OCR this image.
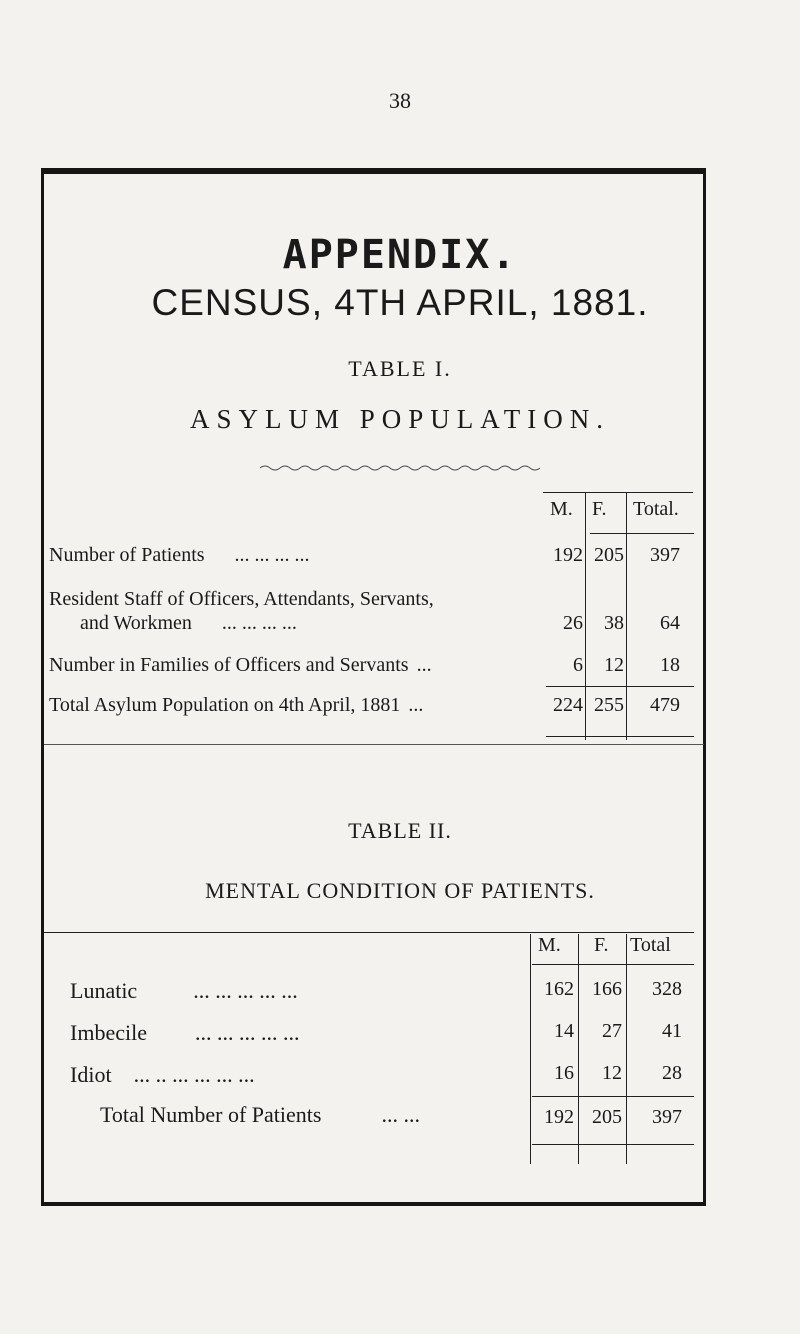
38
APPENDIX.
CENSUS, 4TH APRIL, 1881.
TABLE I.
ASYLUM POPULATION.
M. F. Total.
Number of Patients ... ... ... ...	192 205	397
Resident Staff of Officers, Attendants, Servants,
and Workmen ... ... ... ...	26	38	64
Number in Families of Officers and Servants ...	6	12	18
Total Asylum Population on 4th April, 1881 ...	224 255	479
TABLE II.
MENTAL CONDITION OF PATIENTS.
M. F. Total
Lunatic	... ... ... ... ...	162 166	328
Imbecile ... ... ... ... ...	14	27	41
Idiot ... .. ... ... ... ...	16	12	28
Total Number of Patients	... ...	192 205	397
